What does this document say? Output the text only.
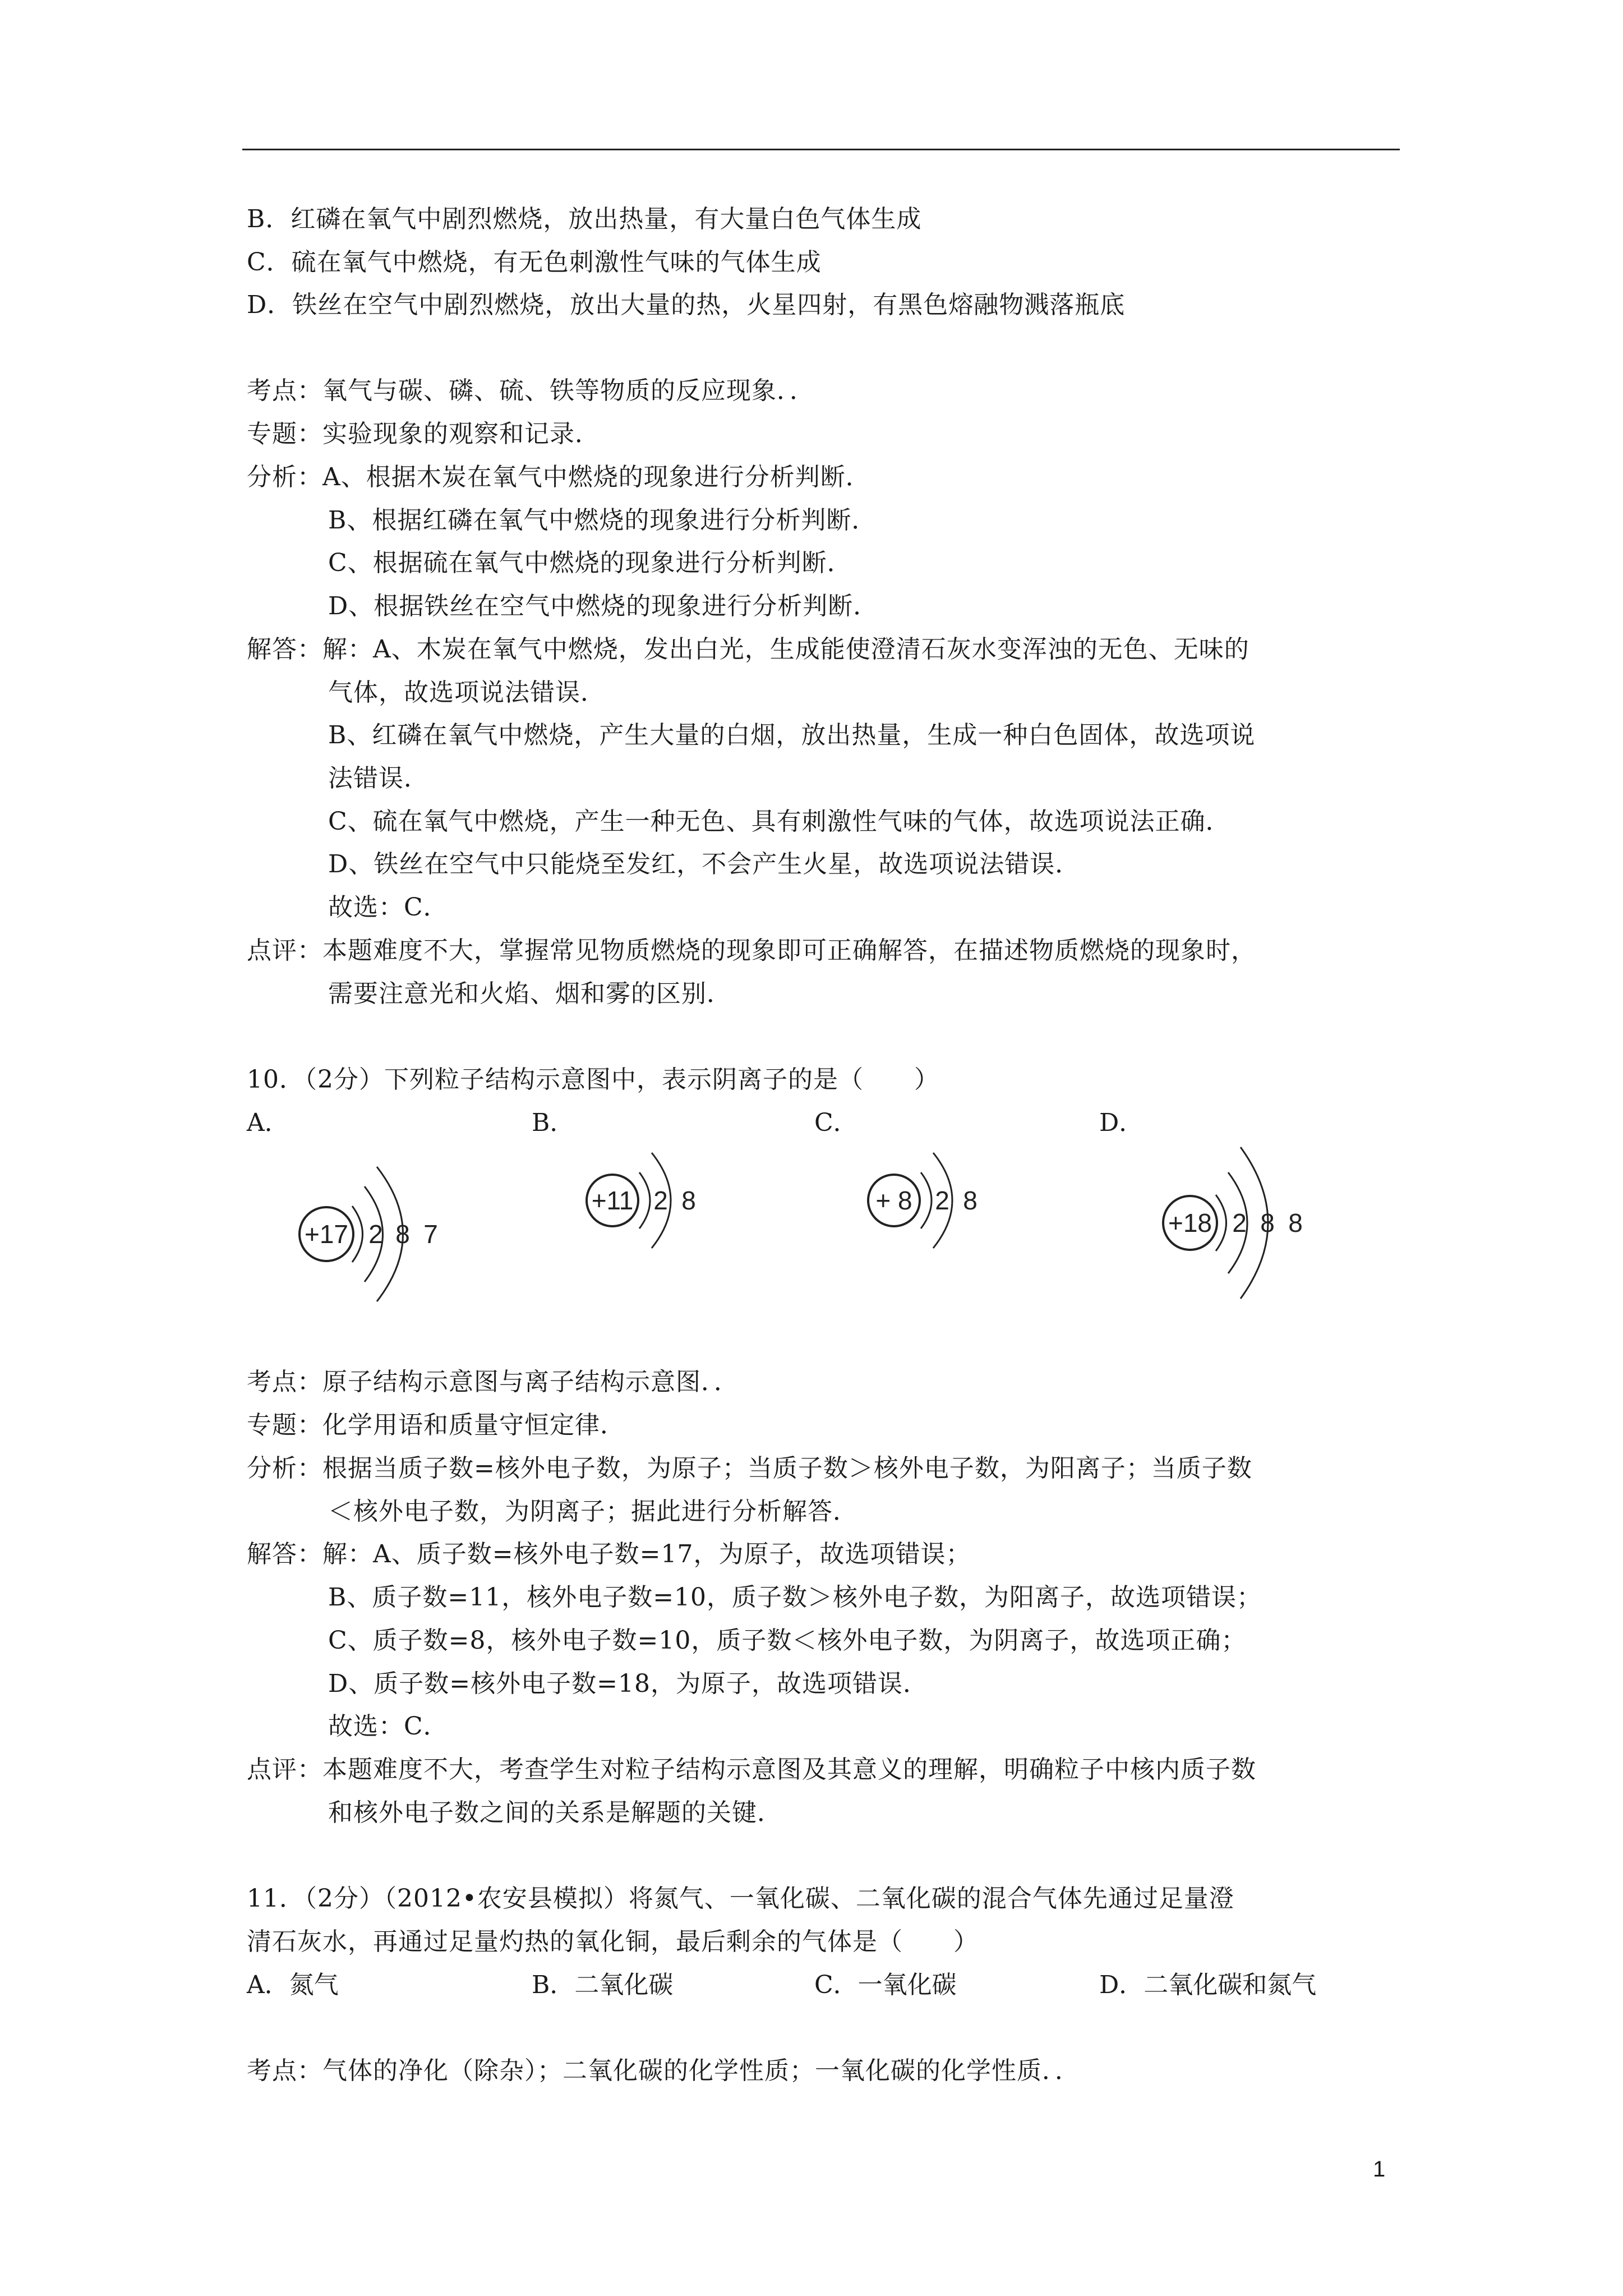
B．红磷在氧气中剧烈燃烧，放出热量，有大量白色气体生成
C．硫在氧气中燃烧，有无色刺激性气味的气体生成
D．铁丝在空气中剧烈燃烧，放出大量的热，火星四射，有黑色熔融物溅落瓶底
考点：氧气与碳、磷、硫、铁等物质的反应现象．．
专题：实验现象的观察和记录．
分析：A、根据木炭在氧气中燃烧的现象进行分析判断．
B、根据红磷在氧气中燃烧的现象进行分析判断．
C、根据硫在氧气中燃烧的现象进行分析判断．
D、根据铁丝在空气中燃烧的现象进行分析判断．
解答：解：A、木炭在氧气中燃烧，发出白光，生成能使澄清石灰水变浑浊的无色、无味的
气体，故选项说法错误．
B、红磷在氧气中燃烧，产生大量的白烟，放出热量，生成一种白色固体，故选项说
法错误．
C、硫在氧气中燃烧，产生一种无色、具有刺激性气味的气体，故选项说法正确．
D、铁丝在空气中只能烧至发红，不会产生火星，故选项说法错误．
故选：C．
点评：本题难度不大，掌握常见物质燃烧的现象即可正确解答，在描述物质燃烧的现象时，
需要注意光和火焰、烟和雾的区别．
10．（2分）下列粒子结构示意图中，表示阴离子的是（　　）
A．	B．	C．	D．
+17 2 8 7
+11 2 8	+ 8 2 8
+18 2 8 8
考点：原子结构示意图与离子结构示意图．．
专题：化学用语和质量守恒定律．
分析：根据当质子数=核外电子数，为原子；当质子数＞核外电子数，为阳离子；当质子数
＜核外电子数，为阴离子；据此进行分析解答．
解答：解：A、质子数=核外电子数=17，为原子，故选项错误；
B、质子数=11，核外电子数=10，质子数＞核外电子数，为阳离子，故选项错误；
C、质子数=8，核外电子数=10，质子数＜核外电子数，为阴离子，故选项正确；
D、质子数=核外电子数=18，为原子，故选项错误．
故选：C．
点评：本题难度不大，考查学生对粒子结构示意图及其意义的理解，明确粒子中核内质子数
和核外电子数之间的关系是解题的关键．
11．（2分）（2012•农安县模拟）将氮气、一氧化碳、二氧化碳的混合气体先通过足量澄
清石灰水，再通过足量灼热的氧化铜，最后剩余的气体是（　　）
A．氮气	B．二氧化碳	C．一氧化碳	D．二氧化碳和氮气
考点：气体的净化（除杂）；二氧化碳的化学性质；一氧化碳的化学性质．．
1
